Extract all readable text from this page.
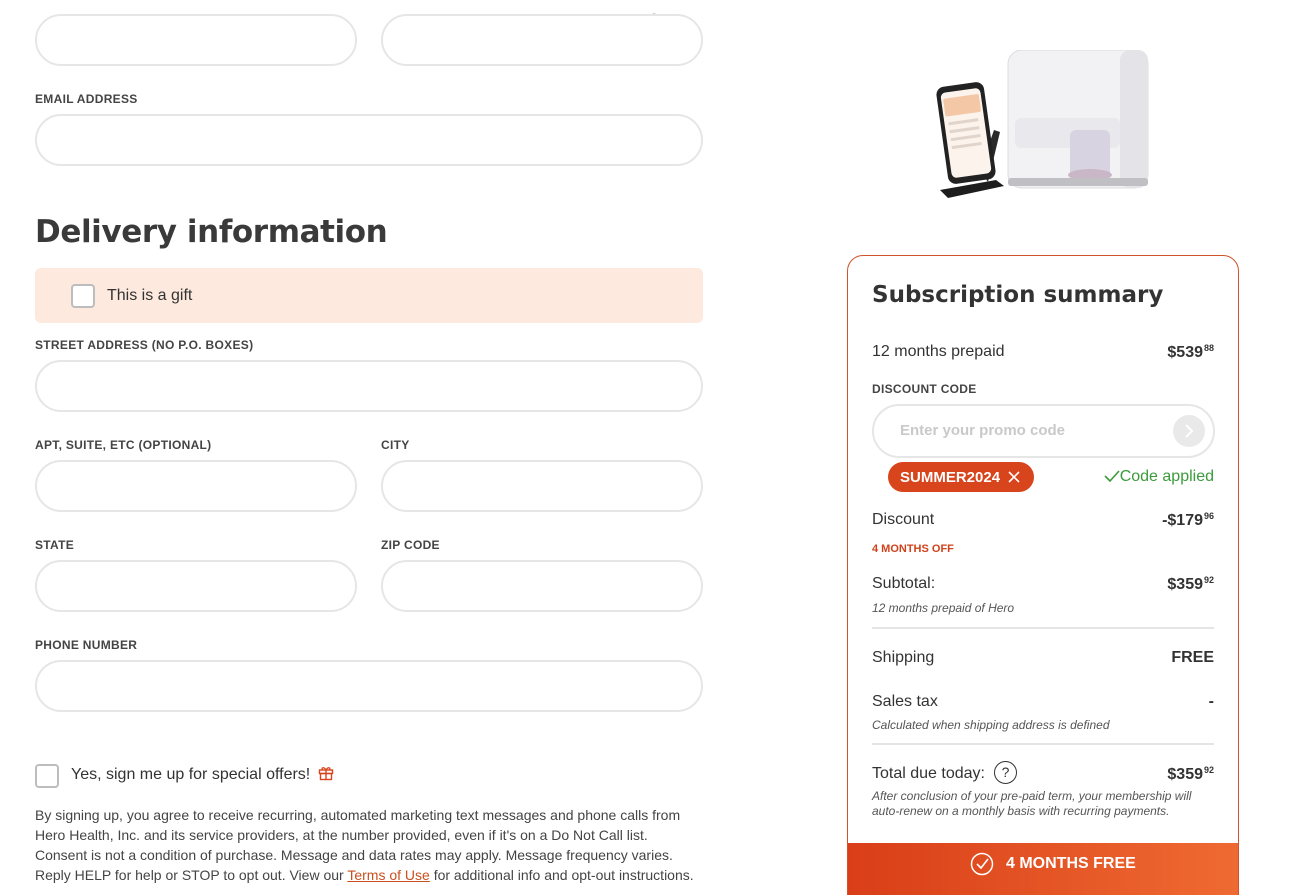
EMAIL ADDRESS
Delivery information
This is a gift
STREET ADDRESS (NO P.O. BOXES)
APT, SUITE, ETC (OPTIONAL)	CITY
STATE	ZIP CODE
PHONE NUMBER
Yes, sign me up for special offers!

By signing up, you agree to receive recurring, automated marketing text messages and phone calls from Hero Health, Inc. and its service providers, at the number provided, even if it's on a Do Not Call list. Consent is not a condition of purchase. Message and data rates may apply. Message frequency varies. Reply HELP for help or STOP to opt out. View our Terms of Use for additional info and opt-out instructions.

Subscription summary
12 months prepaid	$\$539^{88}$
DISCOUNT CODE
Enter your promo code
SUMMER2024	Code applied
Discount	$-\$179^{96}$
4 MONTHS OFF
Subtotal:	$\$359^{92}$
12 months prepaid of Hero
Shipping	FREE
Sales tax	-
Calculated when shipping address is defined
Total due today:	?	$\$359^{92}$
After conclusion of your pre-paid term, your membership will auto-renew on a monthly basis with recurring payments.
4 MONTHS FREE
